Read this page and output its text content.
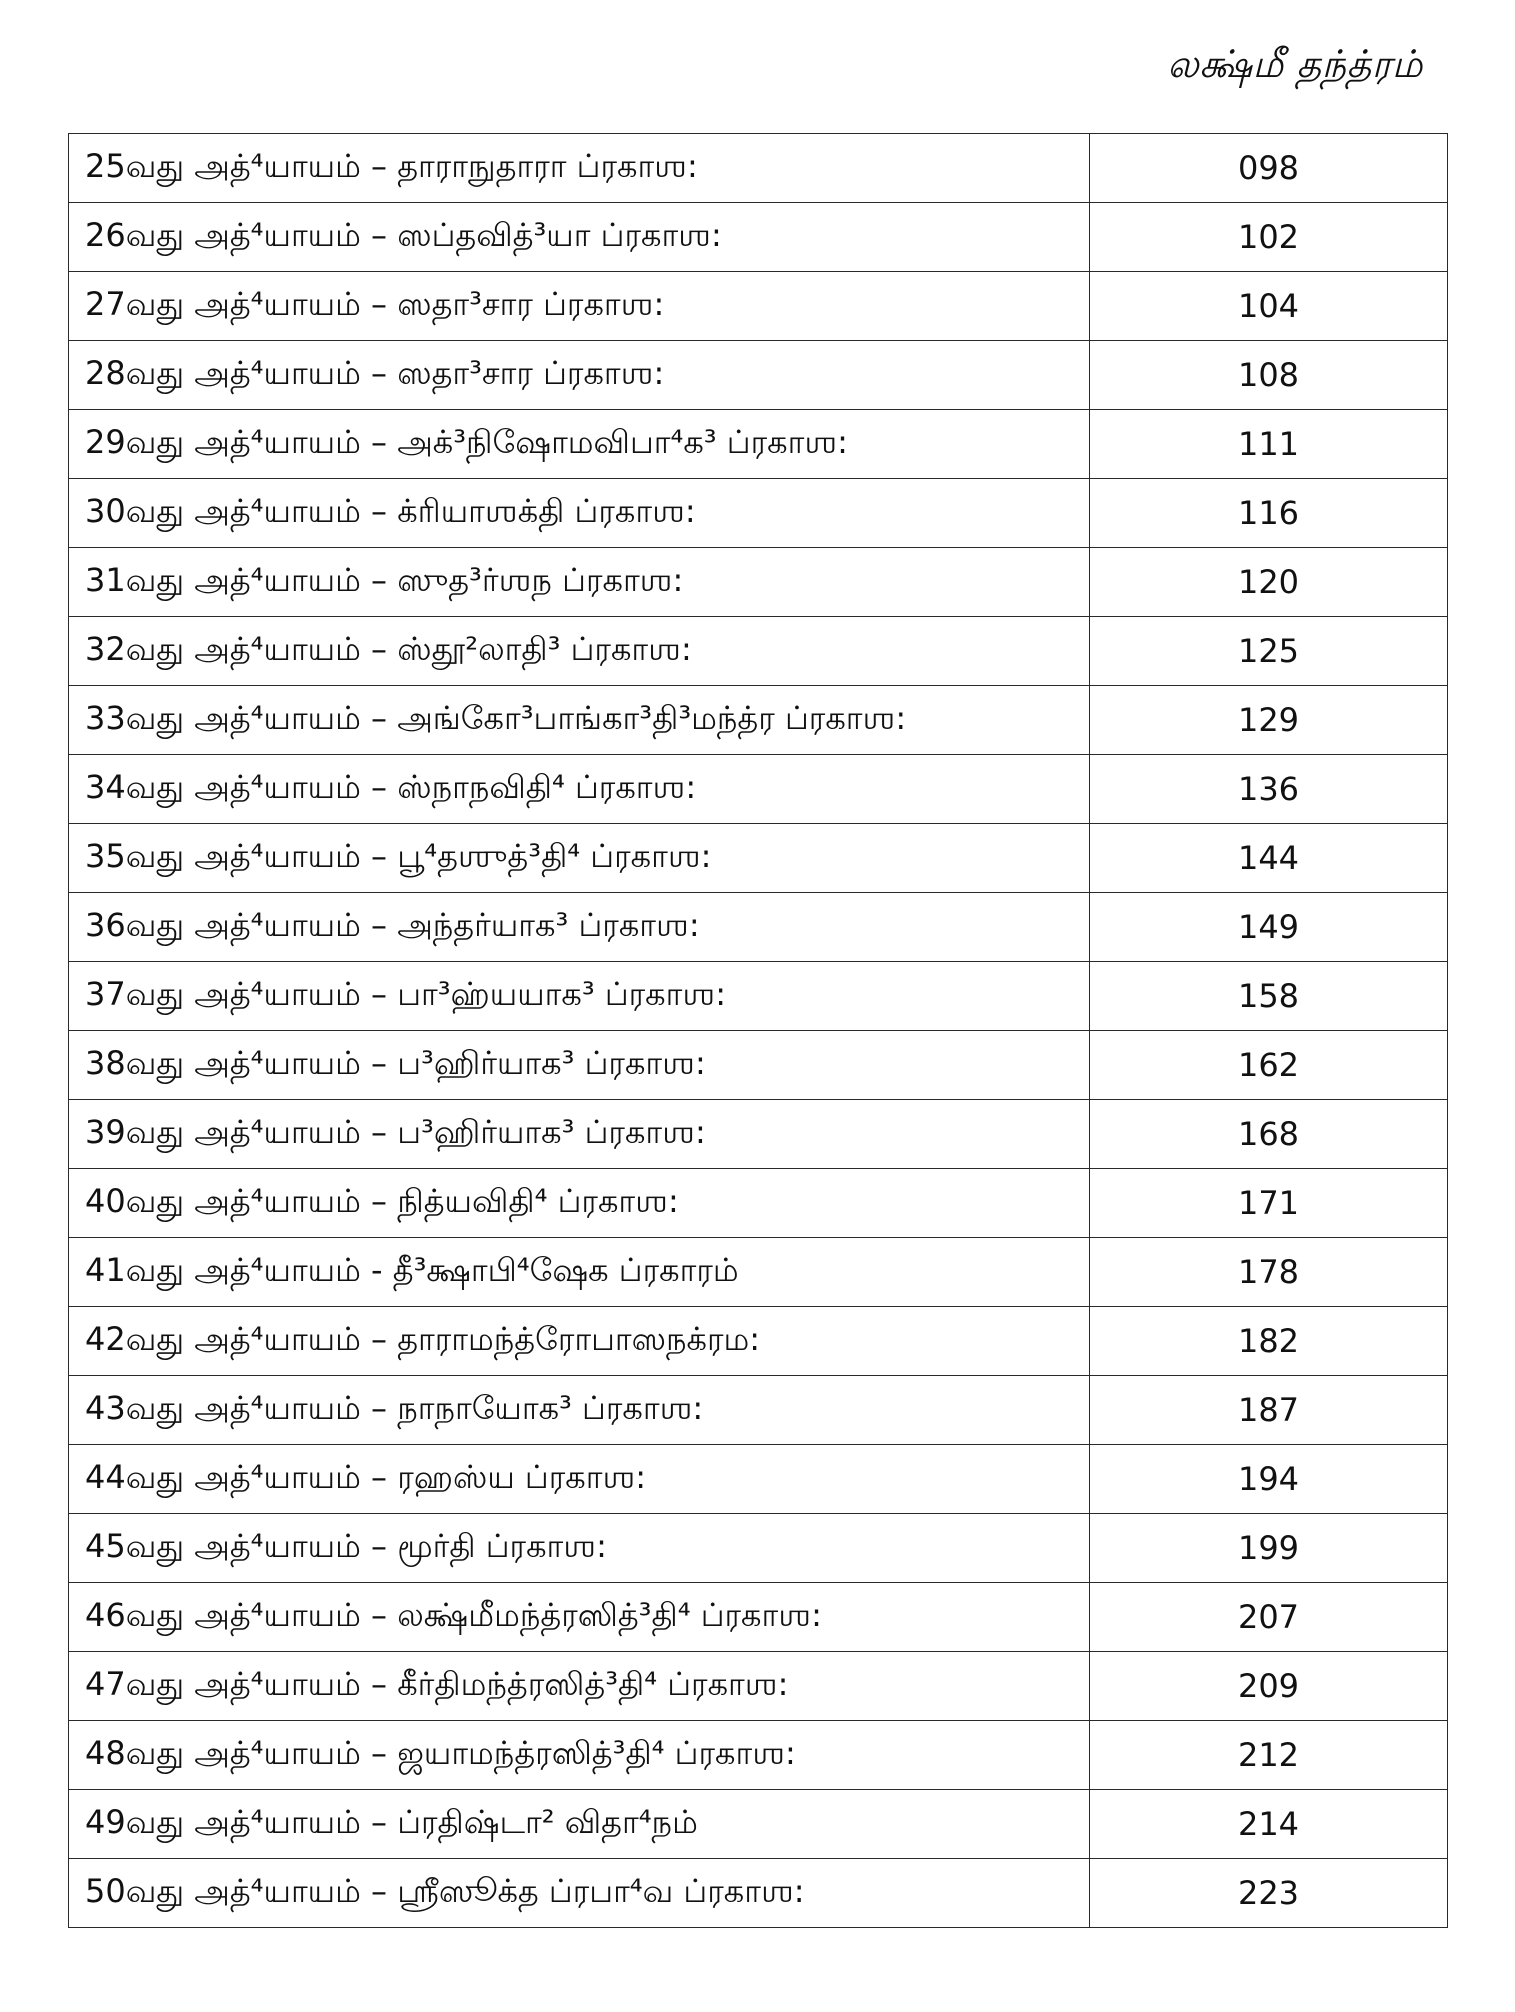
லக்ஷ்மீ தந்த்ரம்
25வது அத்⁴யாயம் – தாராநுதாரா ப்ரகாஶ:	098
26வது அத்⁴யாயம் – ஸப்தவித்³யா ப்ரகாஶ:	102
27வது அத்⁴யாயம் – ஸதா³சார ப்ரகாஶ:	104
28வது அத்⁴யாயம் – ஸதா³சார ப்ரகாஶ:	108
29வது அத்⁴யாயம் – அக்³நிஷோமவிபா⁴க³ ப்ரகாஶ:	111
30வது அத்⁴யாயம் – க்ரியாஶக்தி ப்ரகாஶ:	116
31வது அத்⁴யாயம் – ஸுத³ர்ஶந ப்ரகாஶ:	120
32வது அத்⁴யாயம் – ஸ்தூ²லாதி³ ப்ரகாஶ:	125
33வது அத்⁴யாயம் – அங்கோ³பாங்கா³தி³மந்த்ர ப்ரகாஶ:	129
34வது அத்⁴யாயம் – ஸ்நாநவிதி⁴ ப்ரகாஶ:	136
35வது அத்⁴யாயம் – பூ⁴தஶுத்³தி⁴ ப்ரகாஶ:	144
36வது அத்⁴யாயம் – அந்தர்யாக³ ப்ரகாஶ:	149
37வது அத்⁴யாயம் – பா³ஹ்யயாக³ ப்ரகாஶ:	158
38வது அத்⁴யாயம் – ப³ஹிர்யாக³ ப்ரகாஶ:	162
39வது அத்⁴யாயம் – ப³ஹிர்யாக³ ப்ரகாஶ:	168
40வது அத்⁴யாயம் – நித்யவிதி⁴ ப்ரகாஶ:	171
41வது அத்⁴யாயம் - தீ³க்ஷாபி⁴ஷேக ப்ரகாரம்	178
42வது அத்⁴யாயம் – தாராமந்த்ரோபாஸநக்ரம:	182
43வது அத்⁴யாயம் – நாநாயோக³ ப்ரகாஶ:	187
44வது அத்⁴யாயம் – ரஹஸ்ய ப்ரகாஶ:	194
45வது அத்⁴யாயம் – மூர்தி ப்ரகாஶ:	199
46வது அத்⁴யாயம் – லக்ஷ்மீமந்த்ரஸித்³தி⁴ ப்ரகாஶ:	207
47வது அத்⁴யாயம் – கீர்திமந்த்ரஸித்³தி⁴ ப்ரகாஶ:	209
48வது அத்⁴யாயம் – ஜயாமந்த்ரஸித்³தி⁴ ப்ரகாஶ:	212
49வது அத்⁴யாயம் – ப்ரதிஷ்டா² விதா⁴நம்	214
50வது அத்⁴யாயம் – ஶ்ரீஸூக்த ப்ரபா⁴வ ப்ரகாஶ:	223
